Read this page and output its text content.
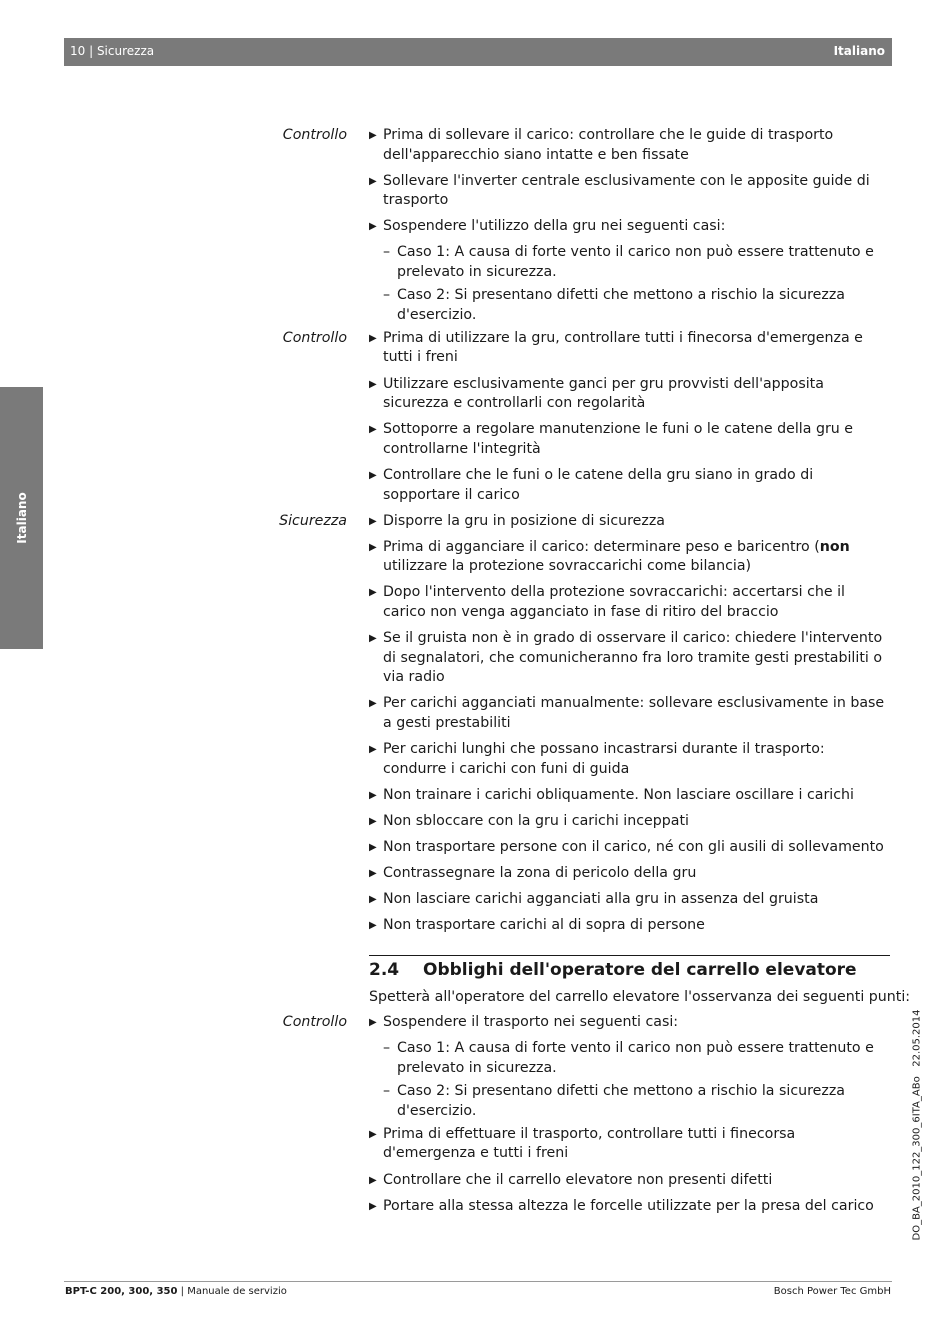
10 | Sicurezza	Italiano
Italiano
Controllo	▶ Prima di sollevare il carico: controllare che le guide di trasporto dell'apparecchio siano intatte e ben fissate
▶ Sollevare l'inverter centrale esclusivamente con le apposite guide di trasporto
▶ Sospendere l'utilizzo della gru nei seguenti casi:
– Caso 1: A causa di forte vento il carico non può essere trattenuto e prelevato in sicurezza.
– Caso 2: Si presentano difetti che mettono a rischio la sicurezza d'esercizio.
Controllo	▶ Prima di utilizzare la gru, controllare tutti i finecorsa d'emergenza e tutti i freni
▶ Utilizzare esclusivamente ganci per gru provvisti dell'apposita sicurezza e controllarli con regolarità
▶ Sottoporre a regolare manutenzione le funi o le catene della gru e controllarne l'integrità
▶ Controllare che le funi o le catene della gru siano in grado di sopportare il carico
Sicurezza	▶ Disporre la gru in posizione di sicurezza
▶ Prima di agganciare il carico: determinare peso e baricentro (non utilizzare la protezione sovraccarichi come bilancia)
▶ Dopo l'intervento della protezione sovraccarichi: accertarsi che il carico non venga agganciato in fase di ritiro del braccio
▶ Se il gruista non è in grado di osservare il carico: chiedere l'intervento di segnalatori, che comunicheranno fra loro tramite gesti prestabiliti o via radio
▶ Per carichi agganciati manualmente: sollevare esclusivamente in base a gesti prestabiliti
▶ Per carichi lunghi che possano incastrarsi durante il trasporto: condurre i carichi con funi di guida
▶ Non trainare i carichi obliquamente. Non lasciare oscillare i carichi
▶ Non sbloccare con la gru i carichi inceppati
▶ Non trasportare persone con il carico, né con gli ausili di sollevamento
▶ Contrassegnare la zona di pericolo della gru
▶ Non lasciare carichi agganciati alla gru in assenza del gruista
▶ Non trasportare carichi al di sopra di persone
2.4 Obblighi dell'operatore del carrello elevatore
Spetterà all'operatore del carrello elevatore l'osservanza dei seguenti punti:
Controllo	▶ Sospendere il trasporto nei seguenti casi:
– Caso 1: A causa di forte vento il carico non può essere trattenuto e prelevato in sicurezza.
– Caso 2: Si presentano difetti che mettono a rischio la sicurezza d'esercizio.
▶ Prima di effettuare il trasporto, controllare tutti i finecorsa d'emergenza e tutti i freni
▶ Controllare che il carrello elevatore non presenti difetti
▶ Portare alla stessa altezza le forcelle utilizzate per la presa del carico	DO_BA_2010_122_300_6ITA_ABo   22.05.2014
BPT-C 200, 300, 350 | Manuale de servizio	Bosch Power Tec GmbH
